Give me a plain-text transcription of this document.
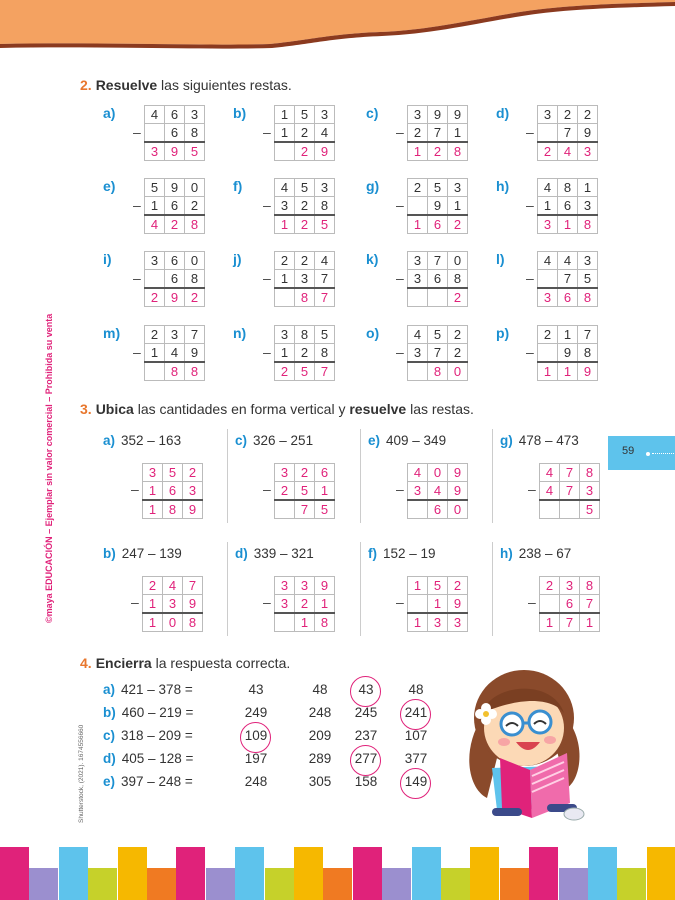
©maya EDUCACIÓN – Ejemplar sin valor comercial – Prohibida su venta
Shutterstock, (2021). 1674556660
59
2. Resuelve las siguientes restas.
a)
–
4	6	3
	6	8
3	9	5
e)
–
5	9	0
1	6	2
4	2	8
i)
–
3	6	0
	6	8
2	9	2
m)
–
2	3	7
1	4	9
	8	8
b)
–
1	5	3
1	2	4
	2	9
f)
–
4	5	3
3	2	8
1	2	5
j)
–
2	2	4
1	3	7
	8	7
n)
–
3	8	5
1	2	8
2	5	7
c)
–
3	9	9
2	7	1
1	2	8
g)
–
2	5	3
	9	1
1	6	2
k)
–
3	7	0
3	6	8
		2
o)
–
4	5	2
3	7	2
	8	0
d)
–
3	2	2
	7	9
2	4	3
h)
–
4	8	1
1	6	3
3	1	8
l)
–
4	4	3
	7	5
3	6	8
p)
–
2	1	7
	9	8
1	1	9
3. Ubica las cantidades en forma vertical y resuelve las restas.
a) 352 – 163
–
3	5	2
1	6	3
1	8	9
c) 326 – 251
–
3	2	6
2	5	1
	7	5
e) 409 – 349
–
4	0	9
3	4	9
	6	0
g) 478 – 473
–
4	7	8
4	7	3
		5
b) 247 – 139
–
2	4	7
1	3	9
1	0	8
d) 339 – 321
–
3	3	9
3	2	1
	1	8
f) 152 – 19
–
1	5	2
	1	9
1	3	3
h) 238 – 67
–
2	3	8
	6	7
1	7	1
4. Encierra la respuesta correcta.
a) 421 – 378 =	43	48	43	48
b) 460 – 219 =	249	248	245	241
c) 318 – 209 =	109	209	237	107
d) 405 – 128 =	197	289	277	377
e) 397 – 248 =	248	305	158	149
